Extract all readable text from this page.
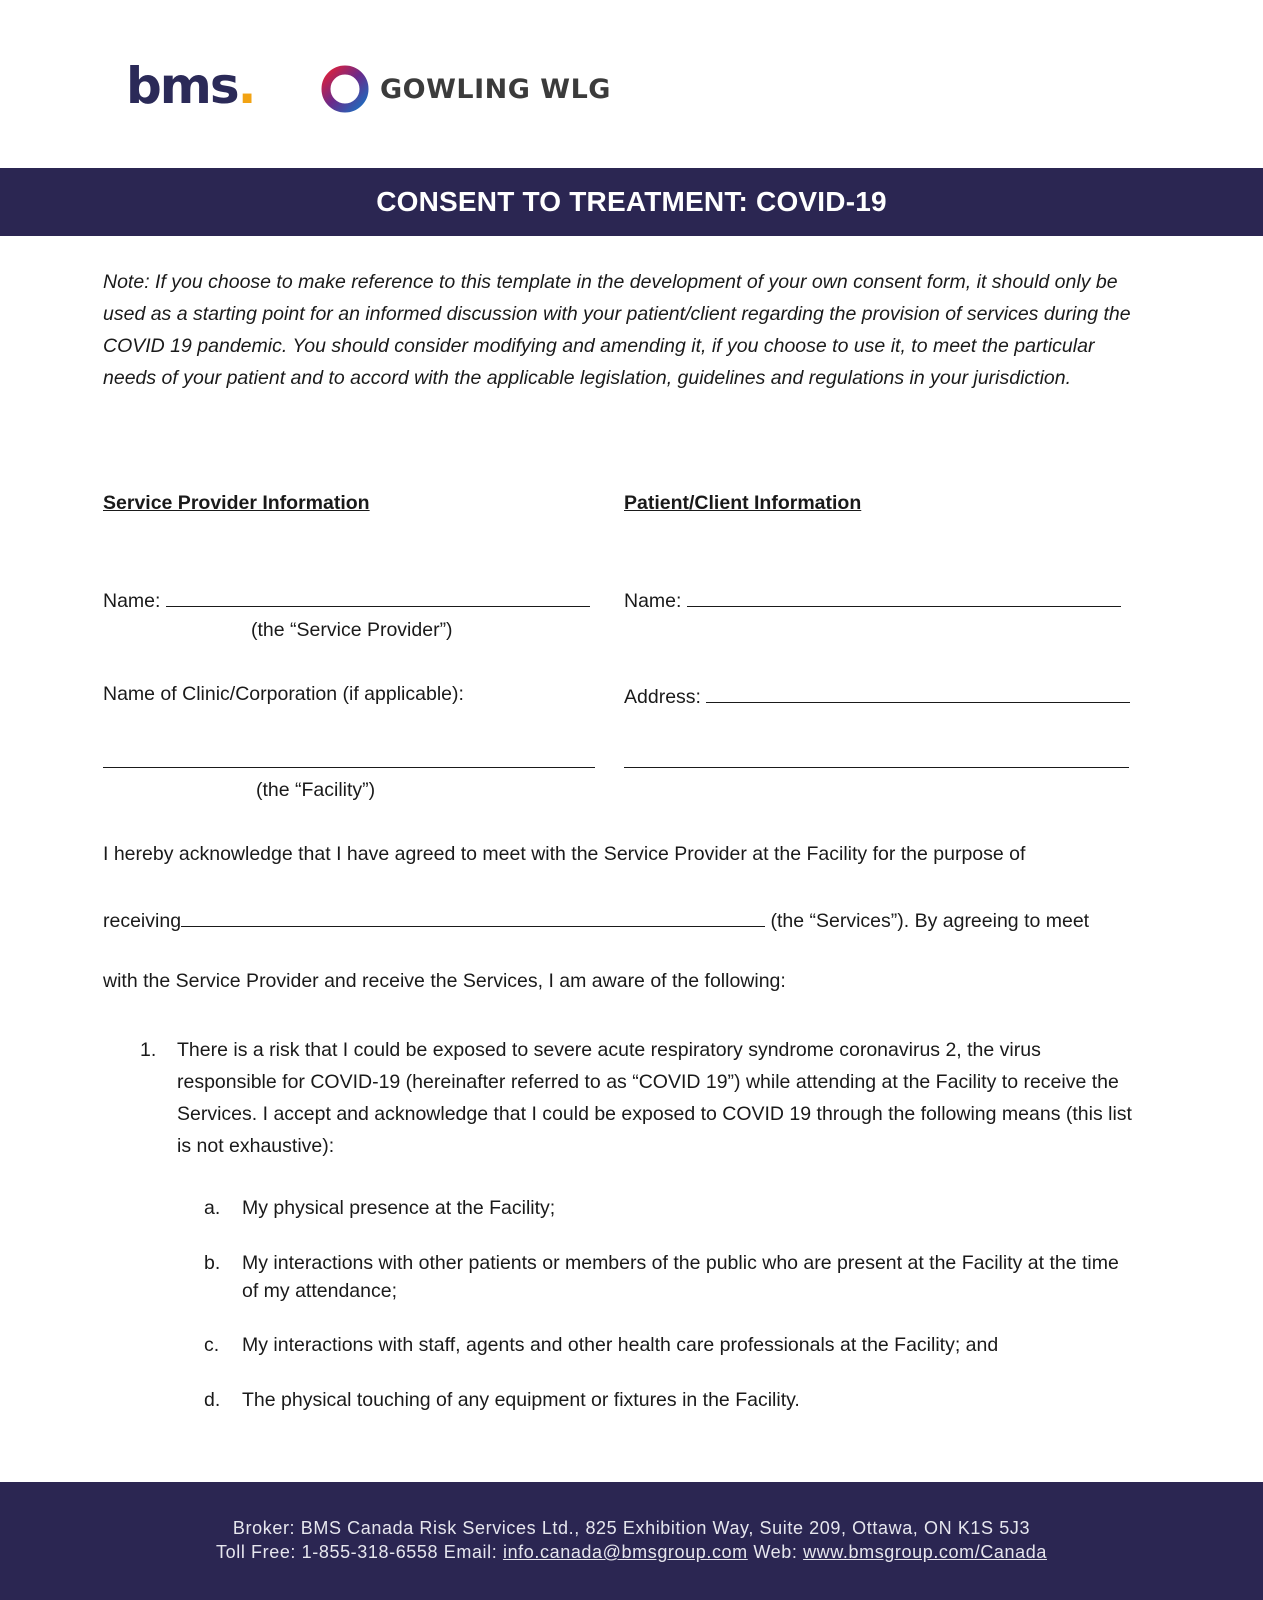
bms.	GOWLING WLG
CONSENT TO TREATMENT: COVID-19

Note: If you choose to make reference to this template in the development of your own consent form, it should only be used as a starting point for an informed discussion with your patient/client regarding the provision of services during the COVID 19 pandemic. You should consider modifying and amending it, if you choose to use it, to meet the particular needs of your patient and to accord with the applicable legislation, guidelines and regulations in your jurisdiction.

Service Provider Information	Patient/Client Information
Name:
(the “Service Provider”)
Name:
Name of Clinic/Corporation (if applicable):	Address:
(the “Facility”)
I hereby acknowledge that I have agreed to meet with the Service Provider at the Facility for the purpose of
receiving	(the “Services”). By agreeing to meet
with the Service Provider and receive the Services, I am aware of the following:
1. There is a risk that I could be exposed to severe acute respiratory syndrome coronavirus 2, the virus responsible for COVID-19 (hereinafter referred to as “COVID 19”) while attending at the Facility to receive the Services. I accept and acknowledge that I could be exposed to COVID 19 through the following means (this list is not exhaustive):
a. My physical presence at the Facility;
b. My interactions with other patients or members of the public who are present at the Facility at the time of my attendance;
c. My interactions with staff, agents and other health care professionals at the Facility; and
d. The physical touching of any equipment or fixtures in the Facility.
Broker: BMS Canada Risk Services Ltd., 825 Exhibition Way, Suite 209, Ottawa, ON K1S 5J3
Toll Free: 1-855-318-6558 Email: info.canada@bmsgroup.com Web: www.bmsgroup.com/Canada
